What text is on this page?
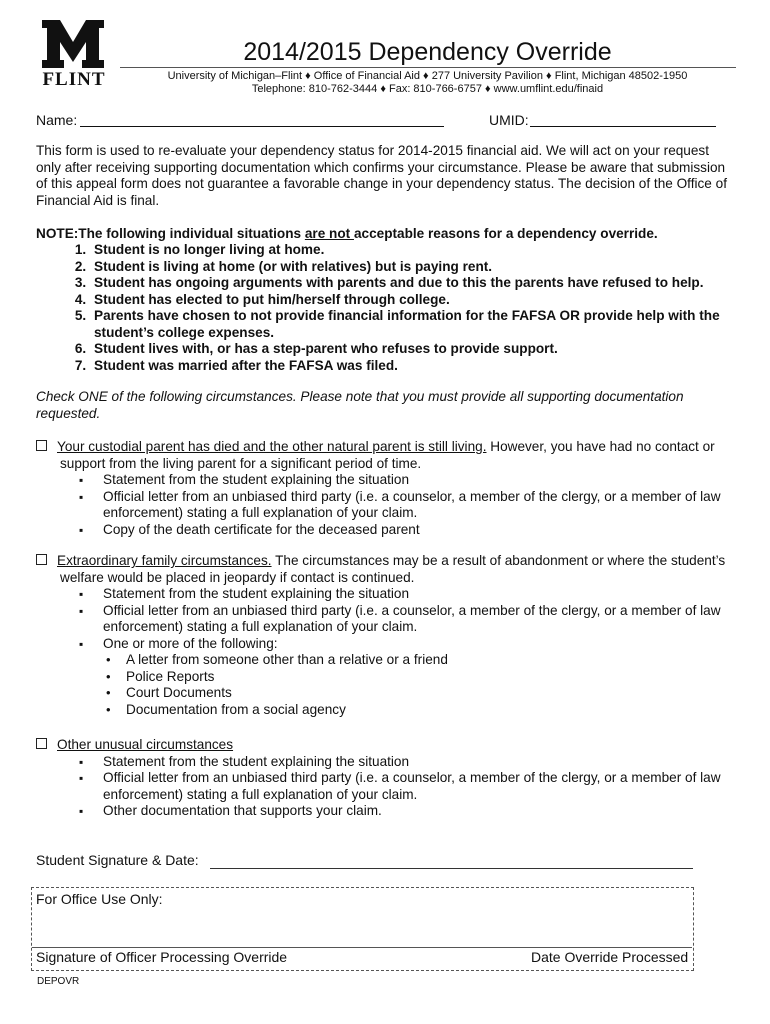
FLINT
2014/2015 Dependency Override
University of Michigan–Flint ♦ Office of Financial Aid ♦ 277 University Pavilion ♦ Flint, Michigan 48502-1950
Telephone: 810-762-3444 ♦ Fax: 810-766-6757 ♦ www.umflint.edu/finaid
Name:	UMID:
This form is used to re-evaluate your dependency status for 2014-2015 financial aid. We will act on your request only after receiving supporting documentation which confirms your circumstance. Please be aware that submission of this appeal form does not guarantee a favorable change in your dependency status. The decision of the Office of Financial Aid is final.
NOTE:The following individual situations are not acceptable reasons for a dependency override.
1. Student is no longer living at home.
2. Student is living at home (or with relatives) but is paying rent.
3. Student has ongoing arguments with parents and due to this the parents have refused to help.
4. Student has elected to put him/herself through college.
5. Parents have chosen to not provide financial information for the FAFSA OR provide help with the student’s college expenses.
6. Student lives with, or has a step-parent who refuses to provide support.
7. Student was married after the FAFSA was filed.
Check ONE of the following circumstances. Please note that you must provide all supporting documentation requested.
Your custodial parent has died and the other natural parent is still living. However, you have had no contact or support from the living parent for a significant period of time.
▪ Statement from the student explaining the situation
▪ Official letter from an unbiased third party (i.e. a counselor, a member of the clergy, or a member of law enforcement) stating a full explanation of your claim.
▪ Copy of the death certificate for the deceased parent
Extraordinary family circumstances. The circumstances may be a result of abandonment or where the student’s welfare would be placed in jeopardy if contact is continued.
▪ Statement from the student explaining the situation
▪ Official letter from an unbiased third party (i.e. a counselor, a member of the clergy, or a member of law enforcement) stating a full explanation of your claim.
▪ One or more of the following:
• A letter from someone other than a relative or a friend
• Police Reports
• Court Documents
• Documentation from a social agency
Other unusual circumstances
▪ Statement from the student explaining the situation
▪ Official letter from an unbiased third party (i.e. a counselor, a member of the clergy, or a member of law enforcement) stating a full explanation of your claim.
▪ Other documentation that supports your claim.
Student Signature & Date:
For Office Use Only:
Signature of Officer Processing Override	Date Override Processed
DEPOVR
